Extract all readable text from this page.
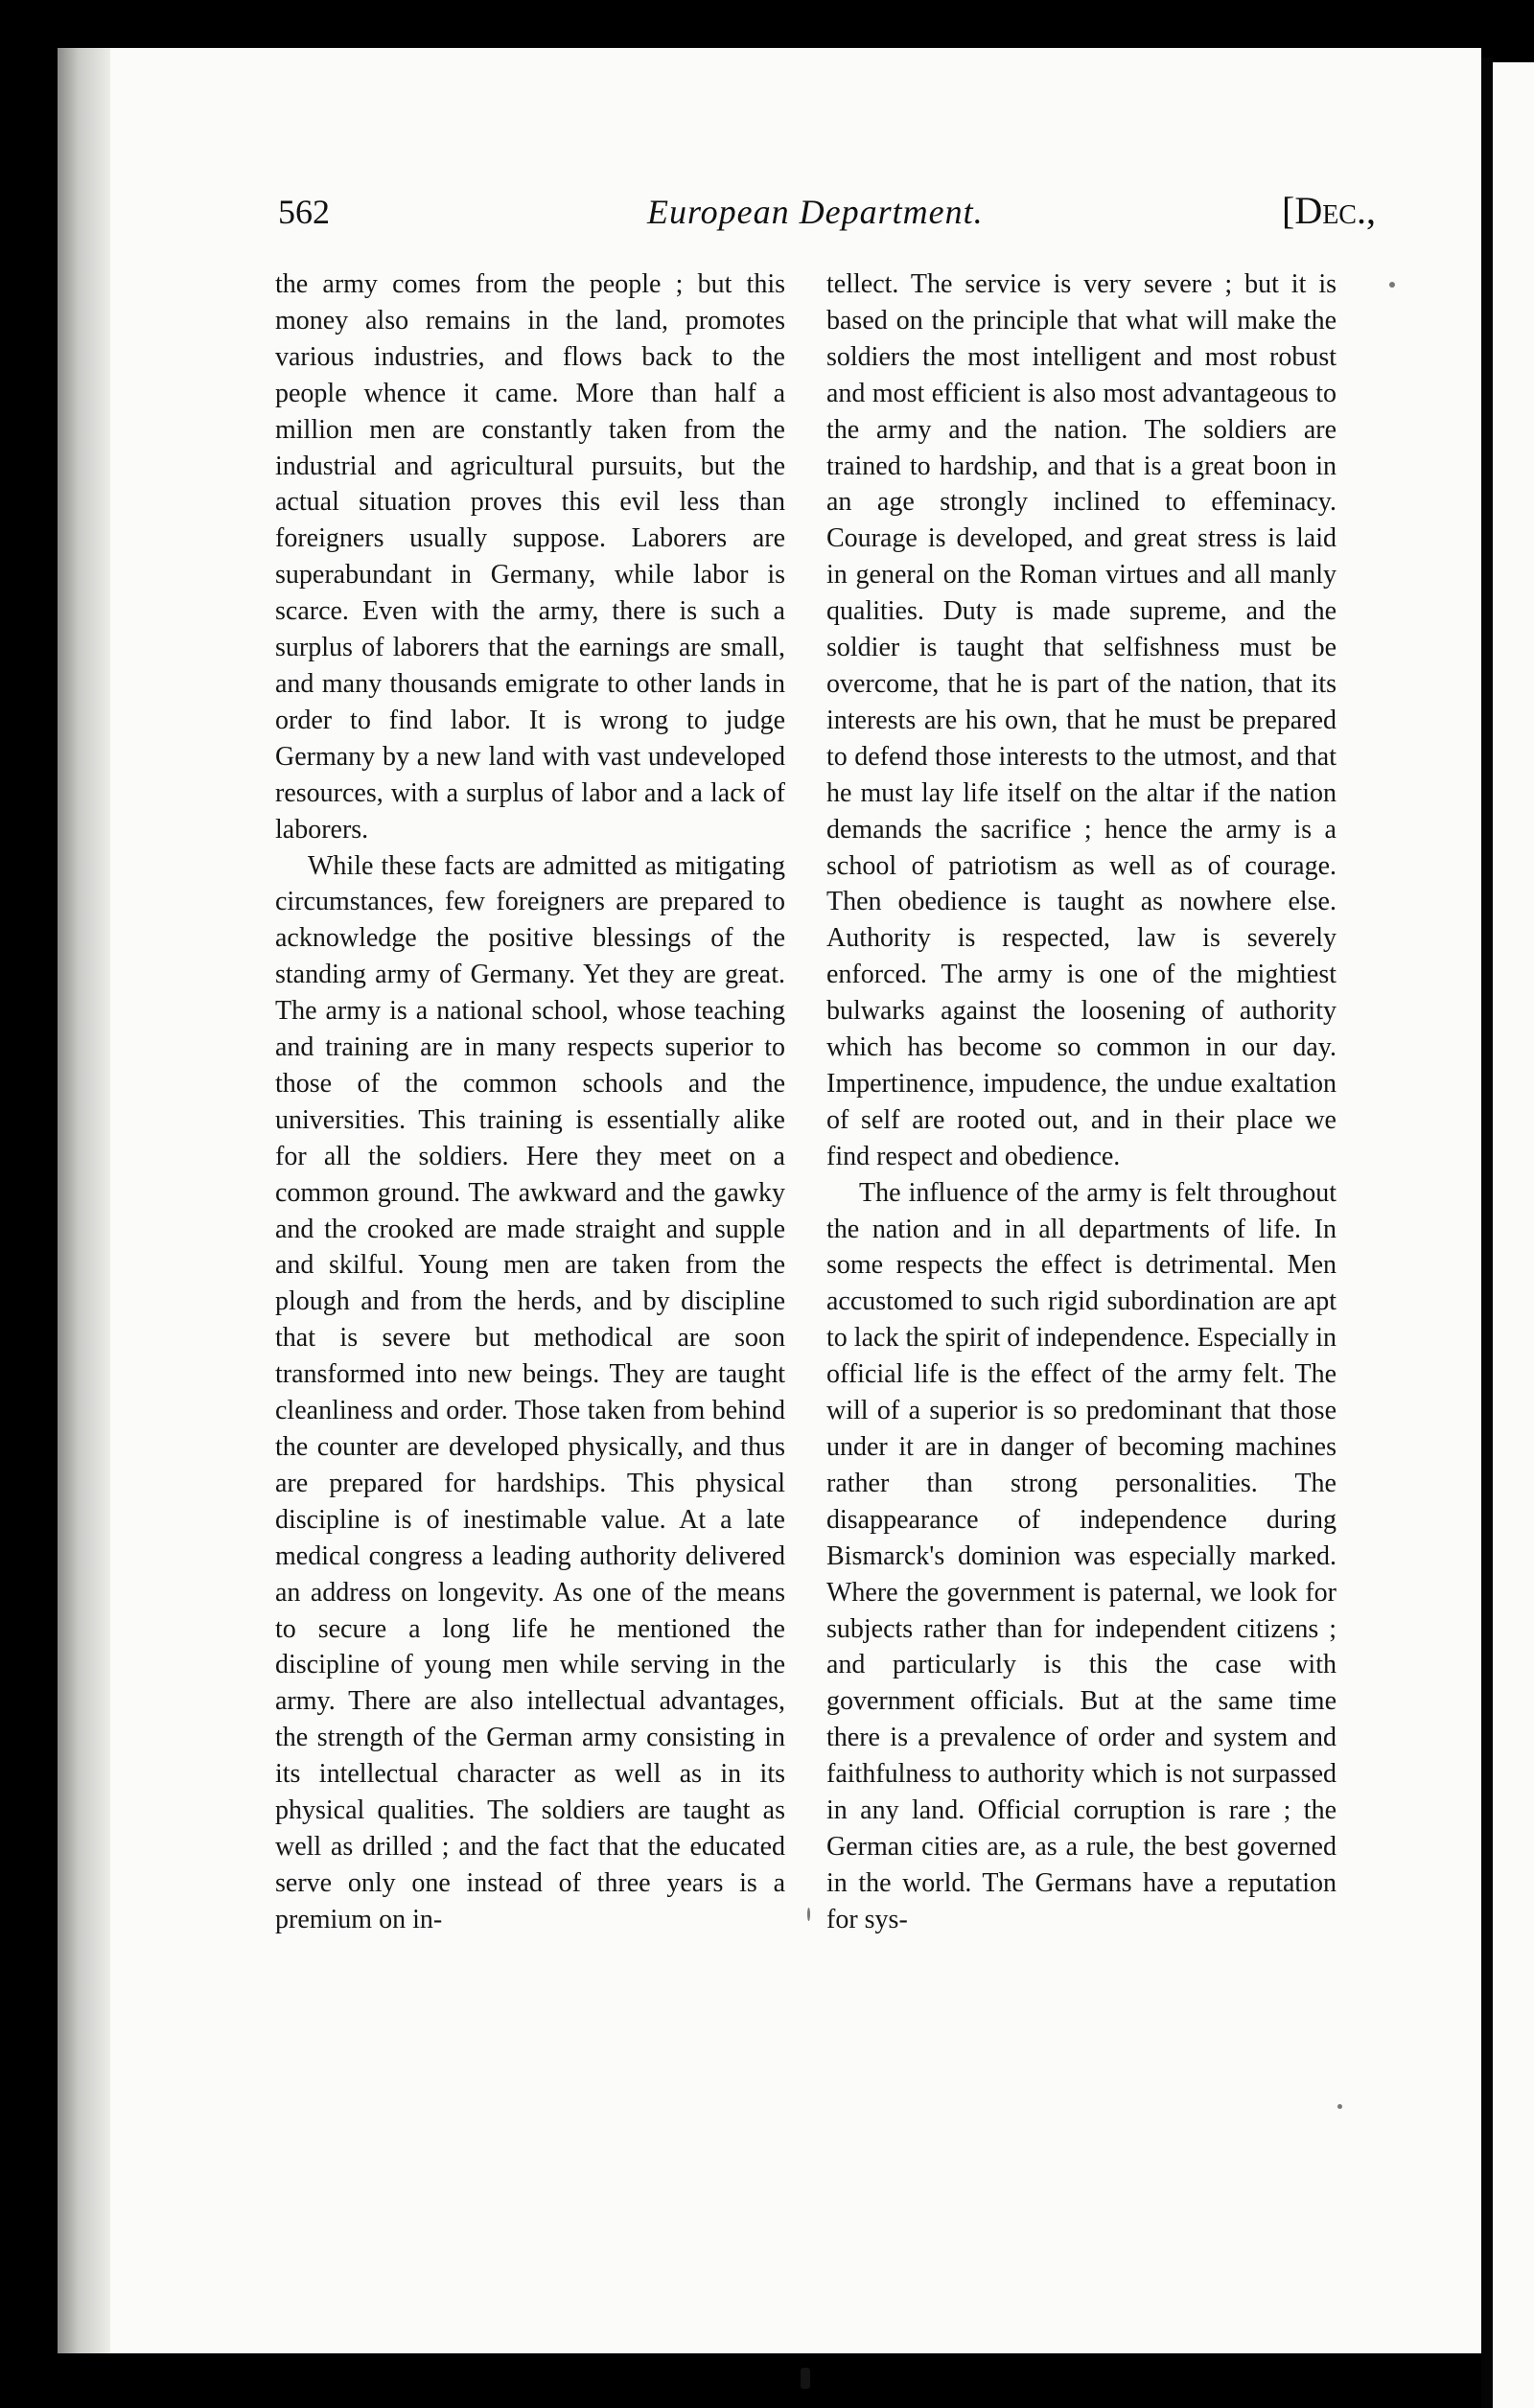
562	European Department.	[Dec.,

the army comes from the people ; but this money also remains in the land, promotes various industries, and flows back to the people whence it came. More than half a million men are constantly taken from the industrial and agricultural pursuits, but the actual situation proves this evil less than foreigners usually suppose. Laborers are superabundant in Germany, while labor is scarce. Even with the army, there is such a surplus of laborers that the earnings are small, and many thousands emigrate to other lands in order to find labor. It is wrong to judge Germany by a new land with vast undeveloped resources, with a surplus of labor and a lack of laborers.

While these facts are admitted as mitigating circumstances, few foreigners are prepared to acknowledge the positive blessings of the standing army of Germany. Yet they are great. The army is a national school, whose teaching and training are in many respects superior to those of the common schools and the universities. This training is essentially alike for all the soldiers. Here they meet on a common ground. The awkward and the gawky and the crooked are made straight and supple and skilful. Young men are taken from the plough and from the herds, and by discipline that is severe but methodical are soon transformed into new beings. They are taught cleanliness and order. Those taken from behind the counter are developed physically, and thus are prepared for hardships. This physical discipline is of inestimable value. At a late medical congress a leading authority delivered an address on longevity. As one of the means to secure a long life he mentioned the discipline of young men while serving in the army. There are also intellectual advantages, the strength of the German army consisting in its intellectual character as well as in its physical qualities. The soldiers are taught as well as drilled ; and the fact that the educated serve only one instead of three years is a premium on in-

tellect. The service is very severe ; but it is based on the principle that what will make the soldiers the most intelligent and most robust and most efficient is also most advantageous to the army and the nation. The soldiers are trained to hardship, and that is a great boon in an age strongly inclined to effeminacy. Courage is developed, and great stress is laid in general on the Roman virtues and all manly qualities. Duty is made supreme, and the soldier is taught that selfishness must be overcome, that he is part of the nation, that its interests are his own, that he must be prepared to defend those interests to the utmost, and that he must lay life itself on the altar if the nation demands the sacrifice ; hence the army is a school of patriotism as well as of courage. Then obedience is taught as nowhere else. Authority is respected, law is severely enforced. The army is one of the mightiest bulwarks against the loosening of authority which has become so common in our day. Impertinence, impudence, the undue exaltation of self are rooted out, and in their place we find respect and obedience.

The influence of the army is felt throughout the nation and in all departments of life. In some respects the effect is detrimental. Men accustomed to such rigid subordination are apt to lack the spirit of independence. Especially in official life is the effect of the army felt. The will of a superior is so predominant that those under it are in danger of becoming machines rather than strong personalities. The disappearance of independence during Bismarck's dominion was especially marked. Where the government is paternal, we look for subjects rather than for independent citizens ; and particularly is this the case with government officials. But at the same time there is a prevalence of order and system and faithfulness to authority which is not surpassed in any land. Official corruption is rare ; the German cities are, as a rule, the best governed in the world. The Germans have a reputation for sys-
